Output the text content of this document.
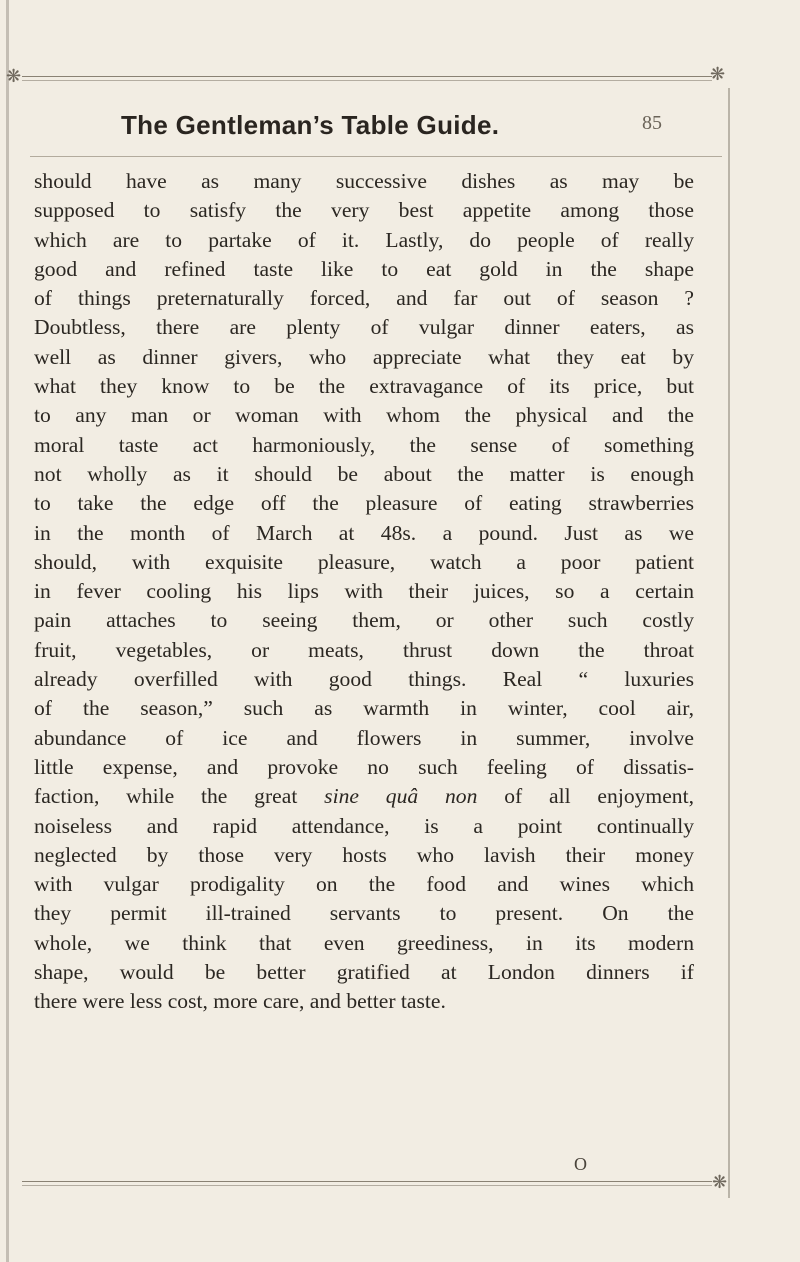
❋	❋
The Gentleman’s Table Guide.	85
should have as many successive dishes as may be
supposed to satisfy the very best appetite among those
which are to partake of it. Lastly, do people of really
good and refined taste like to eat gold in the shape
of things preternaturally forced, and far out of season ?
Doubtless, there are plenty of vulgar dinner eaters, as
well as dinner givers, who appreciate what they eat by
what they know to be the extravagance of its price, but
to any man or woman with whom the physical and the
moral taste act harmoniously, the sense of something
not wholly as it should be about the matter is enough
to take the edge off the pleasure of eating strawberries
in the month of March at 48s. a pound. Just as we
should, with exquisite pleasure, watch a poor patient
in fever cooling his lips with their juices, so a certain
pain attaches to seeing them, or other such costly
fruit, vegetables, or meats, thrust down the throat
already overfilled with good things. Real “ luxuries
of the season,” such as warmth in winter, cool air,
abundance of ice and flowers in summer, involve
little expense, and provoke no such feeling of dissatis-
faction, while the great sine quâ non of all enjoyment,
noiseless and rapid attendance, is a point continually
neglected by those very hosts who lavish their money
with vulgar prodigality on the food and wines which
they permit ill-trained servants to present. On the
whole, we think that even greediness, in its modern
shape, would be better gratified at London dinners if
there were less cost, more care, and better taste.
O
❋
